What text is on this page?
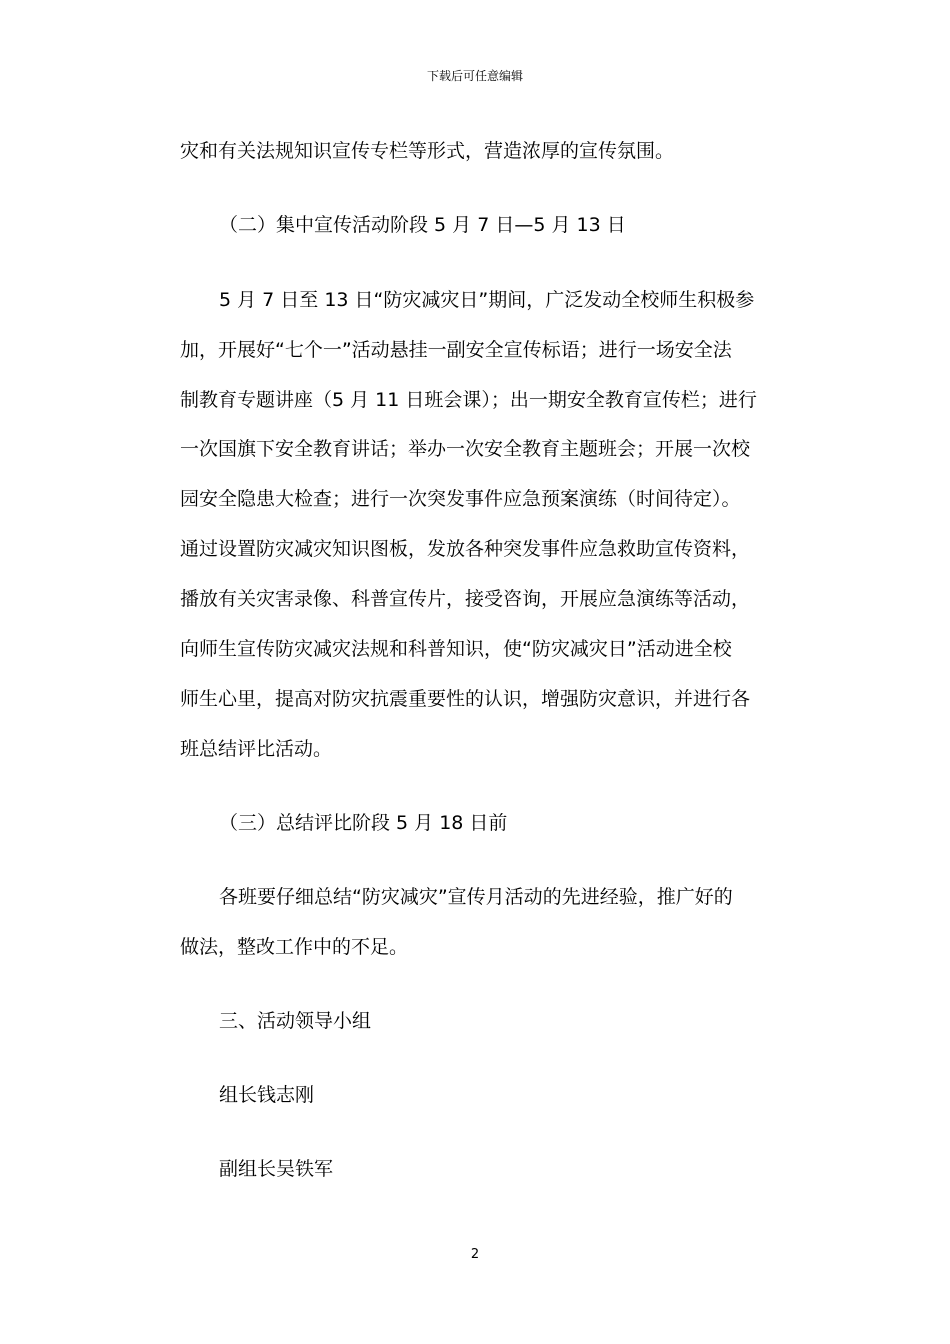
下载后可任意编辑

灾和有关法规知识宣传专栏等形式，营造浓厚的宣传氛围。

（二）集中宣传活动阶段 5 月 7 日—5 月 13 日

5 月 7 日至 13 日“防灾减灾日”期间，广泛发动全校师生积极参

加，开展好“七个一”活动悬挂一副安全宣传标语；进行一场安全法

制教育专题讲座（5 月 11 日班会课）；出一期安全教育宣传栏；进行

一次国旗下安全教育讲话；举办一次安全教育主题班会；开展一次校

园安全隐患大检查；进行一次突发事件应急预案演练（时间待定）。

通过设置防灾减灾知识图板，发放各种突发事件应急救助宣传资料，

播放有关灾害录像、科普宣传片，接受咨询，开展应急演练等活动，

向师生宣传防灾减灾法规和科普知识，使“防灾减灾日”活动进全校

师生心里，提高对防灾抗震重要性的认识，增强防灾意识，并进行各

班总结评比活动。

（三）总结评比阶段 5 月 18 日前

各班要仔细总结“防灾减灾”宣传月活动的先进经验，推广好的

做法，整改工作中的不足。

三、活动领导小组

组长钱志刚

副组长吴铁军

2
